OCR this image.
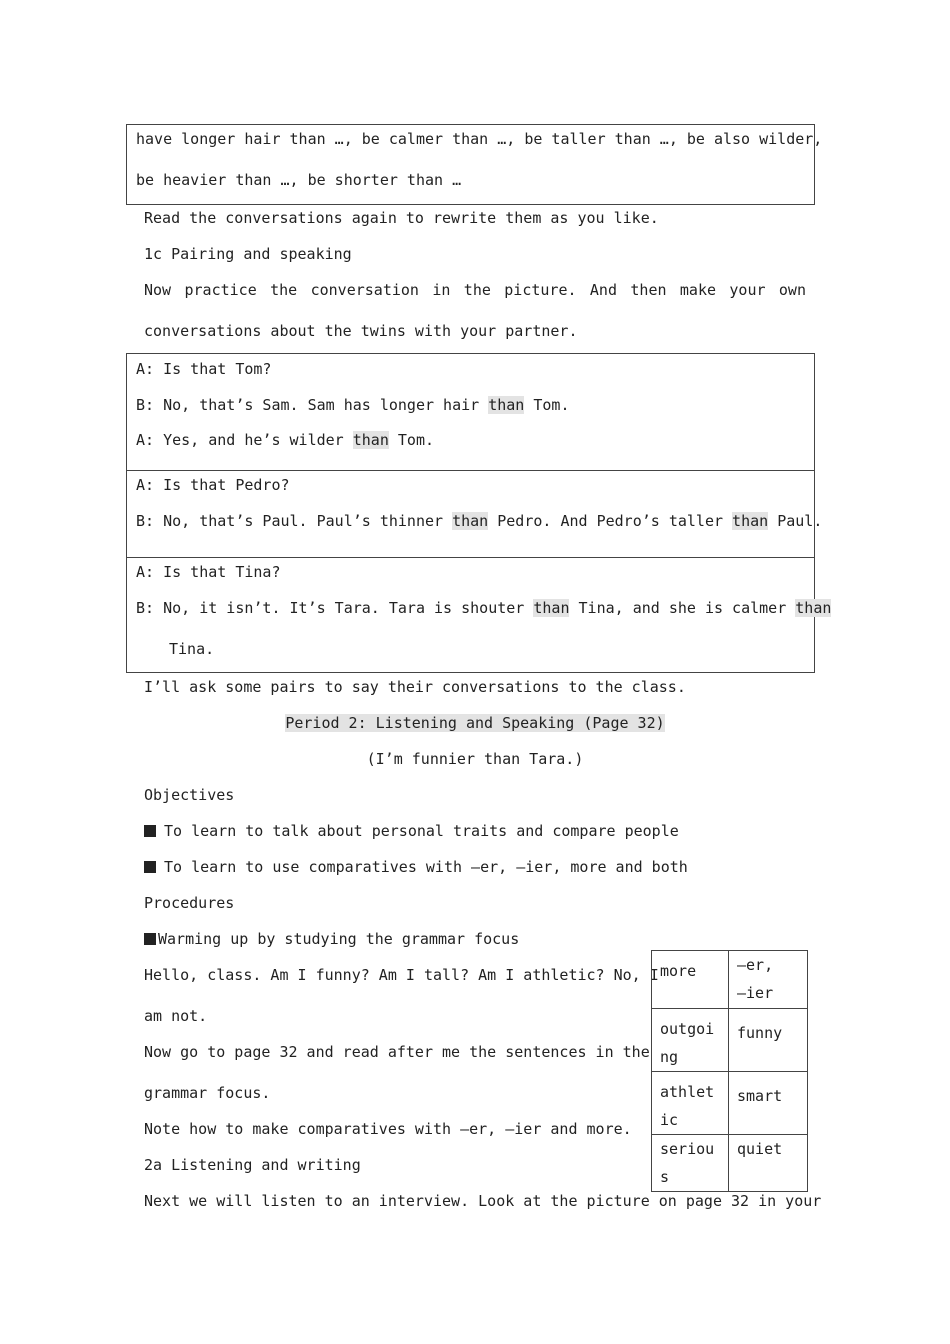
have longer hair than …, be calmer than …, be taller than …, be also wilder,
be heavier than …, be shorter than …
Read the conversations again to rewrite them as you like.
1c Pairing and speaking
Now practice the conversation in the picture. And then make your own
conversations about the twins with your partner.
A: Is that Tom?
B: No, that’s Sam. Sam has longer hair than Tom.
A: Yes, and he’s wilder than Tom.
A: Is that Pedro?
B: No, that’s Paul. Paul’s thinner than Pedro. And Pedro’s taller than Paul.
A: Is that Tina?
B: No, it isn’t. It’s Tara. Tara is shouter than Tina, and she is calmer than
Tina.
I’ll ask some pairs to say their conversations to the class.
Period 2: Listening and Speaking (Page 32)
(I’m funnier than Tara.)
Objectives
To learn to talk about personal traits and compare people
To learn to use comparatives with –er, –ier, more and both
Procedures
Warming up by studying the grammar focus
Hello, class. Am I funny? Am I tall? Am I athletic? No, I
am not.
Now go to page 32 and read after me the sentences in the
grammar focus.
Note how to make comparatives with –er, –ier and more.
2a Listening and writing
Next we will listen to an interview. Look at the picture on page 32 in your
more	–er, –ier
outgoing	funny
athletic	smart
serious	quiet
